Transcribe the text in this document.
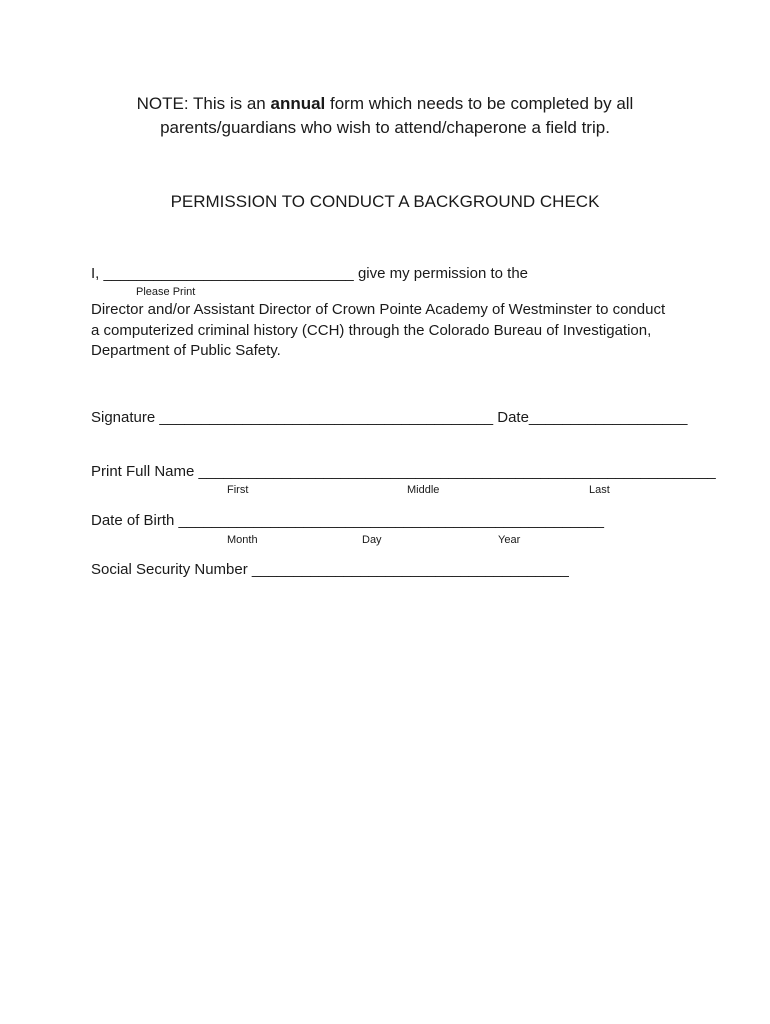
NOTE: This is an annual form which needs to be completed by all
parents/guardians who wish to attend/chaperone a field trip.
PERMISSION TO CONDUCT A BACKGROUND CHECK
I, ______________________________ give my permission to the
Please Print
Director and/or Assistant Director of Crown Pointe Academy of Westminster to conduct
a computerized criminal history (CCH) through the Colorado Bureau of Investigation,
Department of Public Safety.
Signature ________________________________________ Date___________________
Print Full Name ______________________________________________________________
First	Middle	Last
Date of Birth ___________________________________________________
Month	Day	Year
Social Security Number ______________________________________
